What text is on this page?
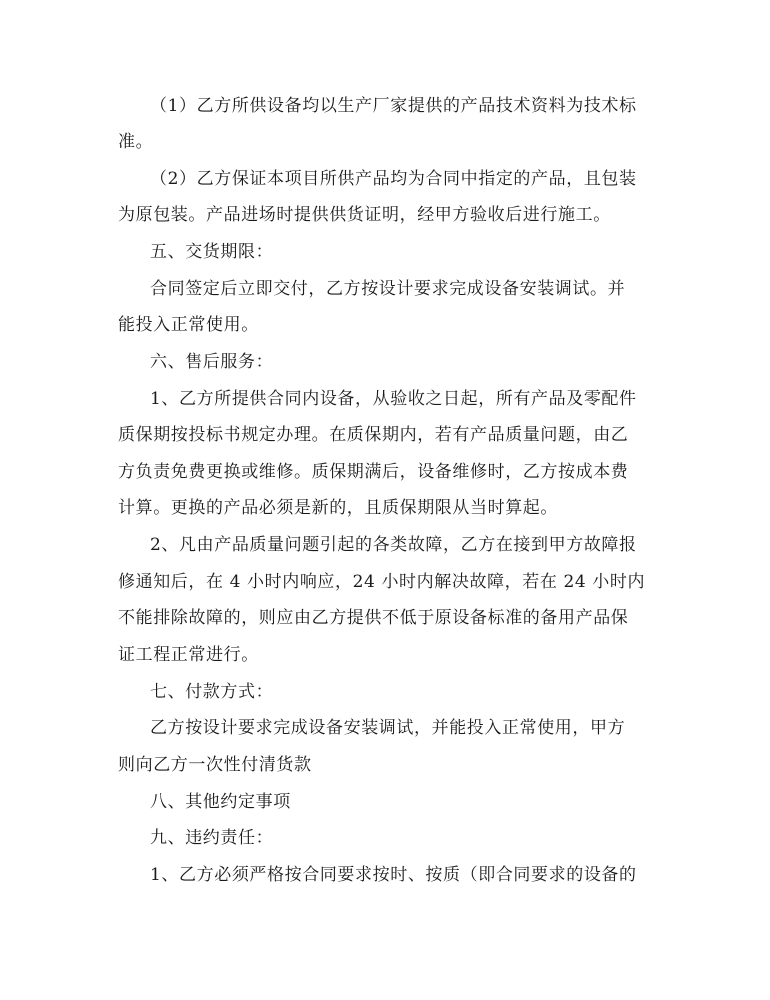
（1）乙方所供设备均以生产厂家提供的产品技术资料为技术标

准。

（2）乙方保证本项目所供产品均为合同中指定的产品，且包装

为原包装。产品进场时提供供货证明，经甲方验收后进行施工。

五、交货期限：

合同签定后立即交付，乙方按设计要求完成设备安装调试。并

能投入正常使用。

六、售后服务：

1、乙方所提供合同内设备，从验收之日起，所有产品及零配件

质保期按投标书规定办理。在质保期内，若有产品质量问题，由乙

方负责免费更换或维修。质保期满后，设备维修时，乙方按成本费

计算。更换的产品必须是新的，且质保期限从当时算起。

2、凡由产品质量问题引起的各类故障，乙方在接到甲方故障报

修通知后，在 4 小时内响应，24 小时内解决故障，若在 24 小时内

不能排除故障的，则应由乙方提供不低于原设备标准的备用产品保

证工程正常进行。

七、付款方式：

乙方按设计要求完成设备安装调试，并能投入正常使用，甲方

则向乙方一次性付清货款

八、其他约定事项

九、违约责任：

1、乙方必须严格按合同要求按时、按质（即合同要求的设备的
